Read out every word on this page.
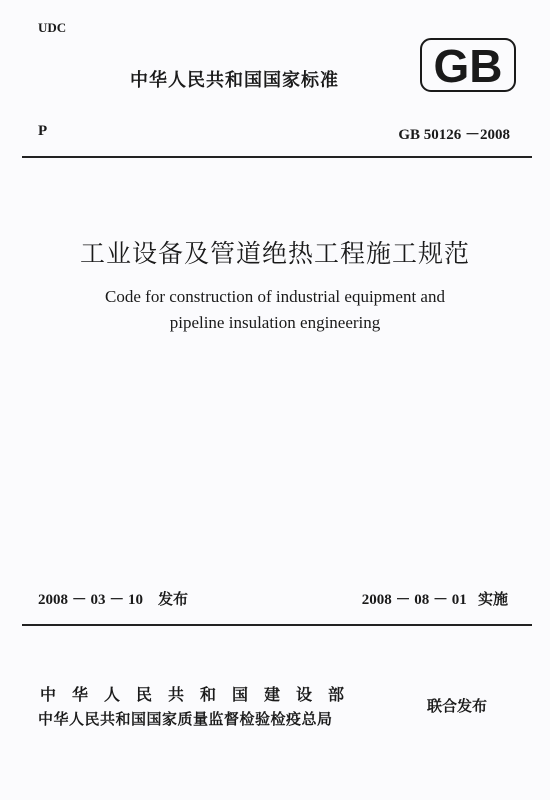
UDC
中华人民共和国国家标准 GB
P	GB 50126 －2008
工业设备及管道绝热工程施工规范
Code for construction of industrial equipment and
pipeline insulation engineering
2008 － 03 － 10 发布	2008 － 08 － 01 实施
中华人民共和国建设部
中华人民共和国国家质量监督检验检疫总局
联合发布
